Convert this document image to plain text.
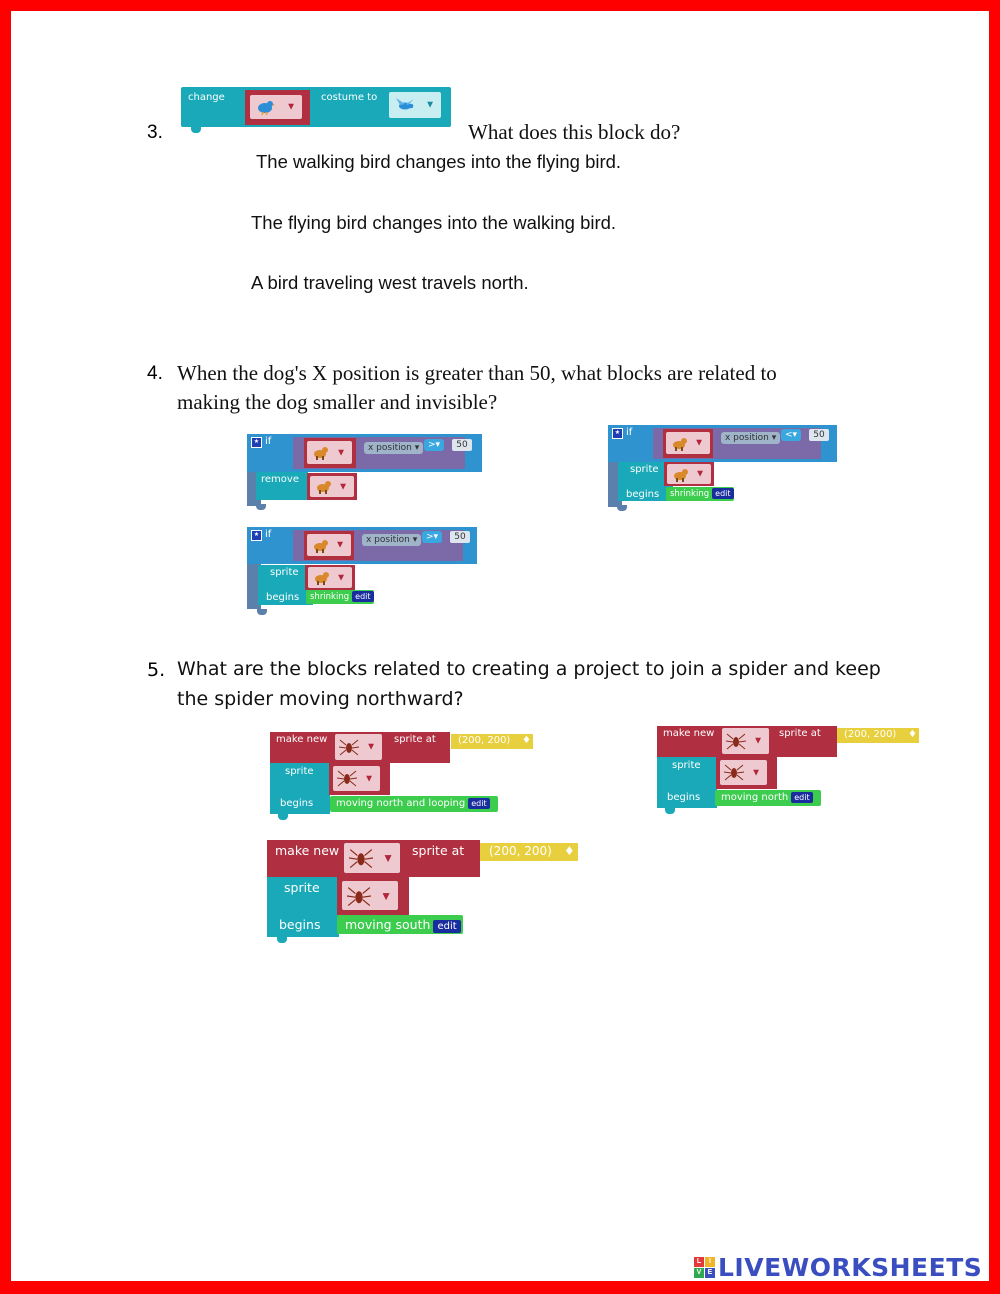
3.
change
▼
costume to
▼
What does this block do?
The walking bird changes into the flying bird.
The flying bird changes into the walking bird.
A bird traveling west travels north.
4. When the dog's X position is greater than 50, what blocks are related to
making the dog smaller and invisible?
★ if
▼	x position ▾ >▾	50
remove
▼
★ if
▼	x position ▾ <▾	50
sprite	▼
begins shrinking edit
★ if
▼	x position ▾ >▾	50
sprite	▼
begins shrinking edit
5. What are the blocks related to creating a project to join a spider and keep
the spider moving northward?
make new
▼
sprite at (200, 200) ♦
sprite
▼
begins moving north and looping edit
make new
▼
sprite at (200, 200) ♦
sprite
▼
begins moving north edit
make new	▼ sprite at (200, 200) ♦
sprite
▼
begins moving south edit
L	I
V E LIVEWORKSHEETS
